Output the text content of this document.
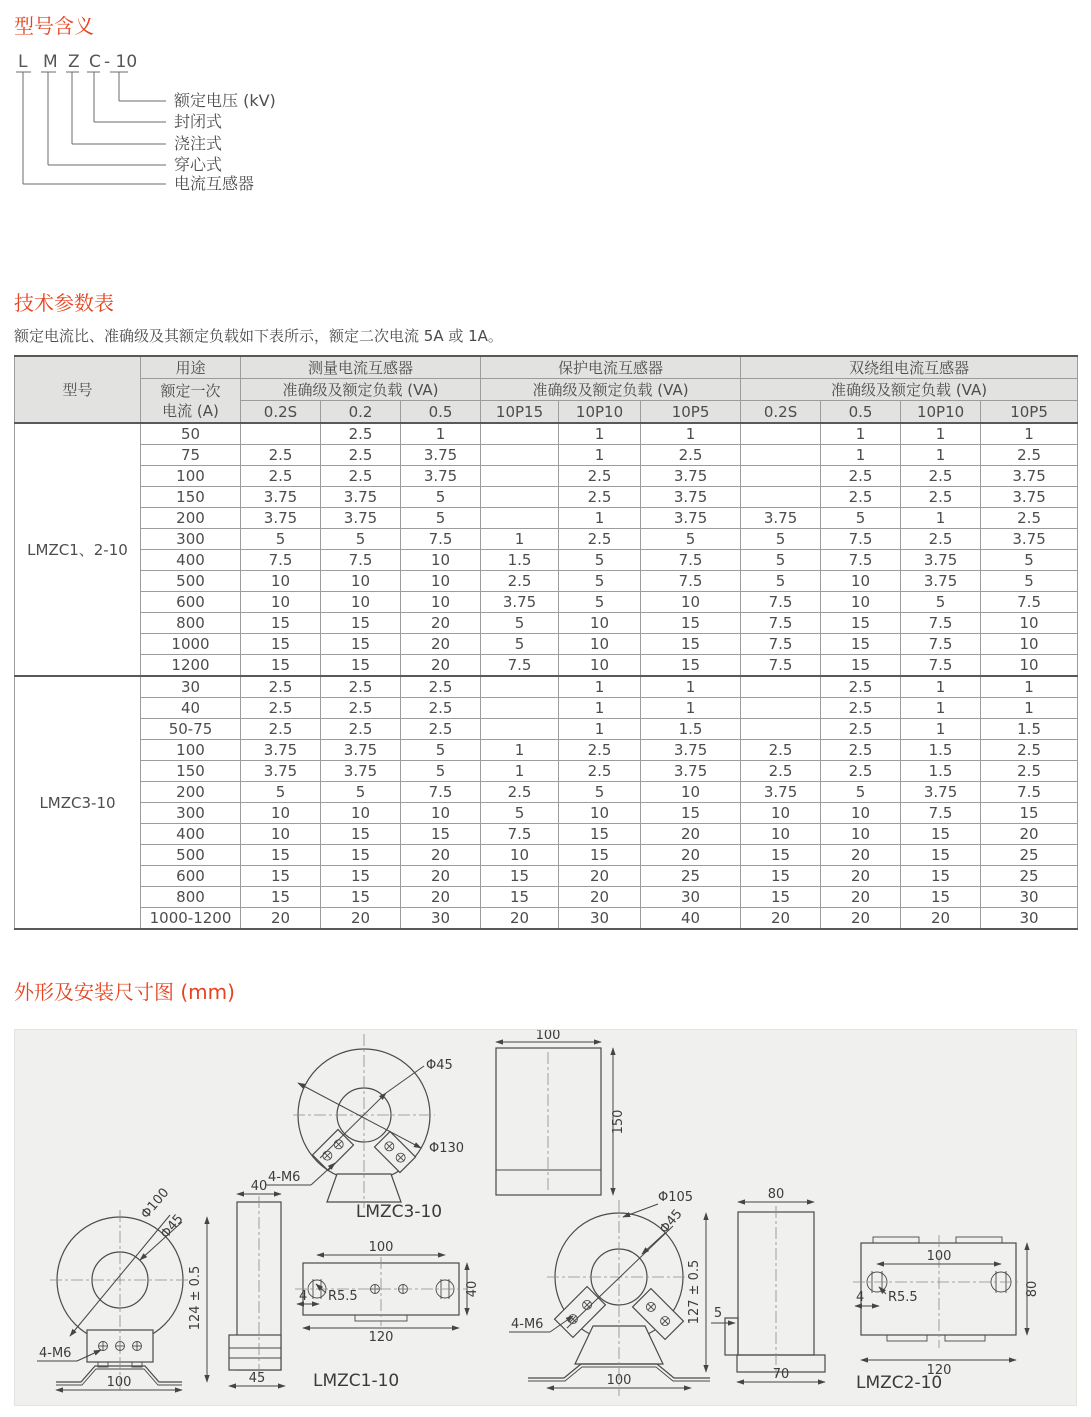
型号含义
L M Z C - 10
额定电压 (kV)
封闭式
浇注式
穿心式
电流互感器
技术参数表

额定电流比、准确级及其额定负载如下表所示，额定二次电流 5A 或 1A。

型号	用途	测量电流互感器			保护电流互感器			双绕组电流互感器			
	额定一次
电流 (A)	准确级及额定负载 (VA)			准确级及额定负载 (VA)			准确级及额定负载 (VA)			
		0.2S	0.2	0.5	10P15	10P10	10P5	0.2S	0.5	10P10	10P5
LMZC1、2-10	50		2.5	1		1	1		1	1	1
	75	2.5	2.5	3.75		1	2.5		1	1	2.5
	100	2.5	2.5	3.75		2.5	3.75		2.5	2.5	3.75
	150	3.75	3.75	5		2.5	3.75		2.5	2.5	3.75
	200	3.75	3.75	5		1	3.75	3.75	5	1	2.5
	300	5	5	7.5	1	2.5	5	5	7.5	2.5	3.75
	400	7.5	7.5	10	1.5	5	7.5	5	7.5	3.75	5
	500	10	10	10	2.5	5	7.5	5	10	3.75	5
	600	10	10	10	3.75	5	10	7.5	10	5	7.5
	800	15	15	20	5	10	15	7.5	15	7.5	10
	1000	15	15	20	5	10	15	7.5	15	7.5	10
	1200	15	15	20	7.5	10	15	7.5	15	7.5	10
LMZC3-10	30	2.5	2.5	2.5		1	1		2.5	1	1
	40	2.5	2.5	2.5		1	1		2.5	1	1
	50-75	2.5	2.5	2.5		1	1.5		2.5	1	1.5
	100	3.75	3.75	5	1	2.5	3.75	2.5	2.5	1.5	2.5
	150	3.75	3.75	5	1	2.5	3.75	2.5	2.5	1.5	2.5
	200	5	5	7.5	2.5	5	10	3.75	5	3.75	7.5
	300	10	10	10	5	10	15	10	10	7.5	15
	400	10	15	15	7.5	15	20	10	10	15	20
	500	15	15	20	10	15	20	15	20	15	25
	600	15	15	20	15	20	25	15	20	15	25
	800	15	15	20	15	20	30	15	20	15	30
	1000-1200	20	20	30	20	30	40	20	20	20	30
外形及安装尺寸图 (mm)
Φ45
Φ130
4-M6
LMZC3-10
100
150
Φ100
Φ45
124 ± 0.5
4-M6
100
40
45
100
120
40
4 R5.5
LMZC1-10
Φ105
Φ45
127 ± 0.5
4-M6
100
80
5
70
100
80
4 R5.5
120
LMZC2-10
